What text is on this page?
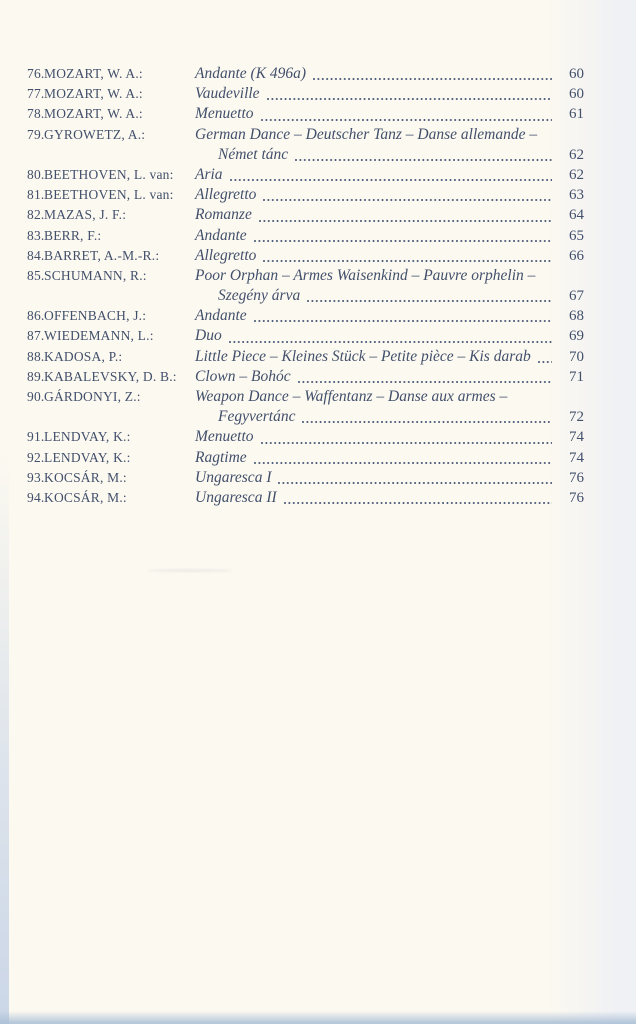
76. MOZART, W. A.:	Andante (K 496a)	60
77. MOZART, W. A.:	Vaudeville	60
78. MOZART, W. A.:	Menuetto	61
79. GYROWETZ, A.:	German Dance – Deutscher Tanz – Danse allemande –
Német tánc	62
80. BEETHOVEN, L. van:	Aria	62
81. BEETHOVEN, L. van:	Allegretto	63
82. MAZAS, J. F.:	Romanze	64
83. BERR, F.:	Andante	65
84. BARRET, A.-M.-R.:	Allegretto	66
85. SCHUMANN, R.:	Poor Orphan – Armes Waisenkind – Pauvre orphelin –
Szegény árva	67
86. OFFENBACH, J.:	Andante	68
87. WIEDEMANN, L.:	Duo	69
88. KADOSA, P.:	Little Piece – Kleines Stück – Petite pièce – Kis darab	70
89. KABALEVSKY, D. B.:	Clown – Bohóc	71
90. GÁRDONYI, Z.:	Weapon Dance – Waffentanz – Danse aux armes –
Fegyvertánc	72
91. LENDVAY, K.:	Menuetto	74
92. LENDVAY, K.:	Ragtime	74
93. KOCSÁR, M.:	Ungaresca I	76
94. KOCSÁR, M.:	Ungaresca II	76
